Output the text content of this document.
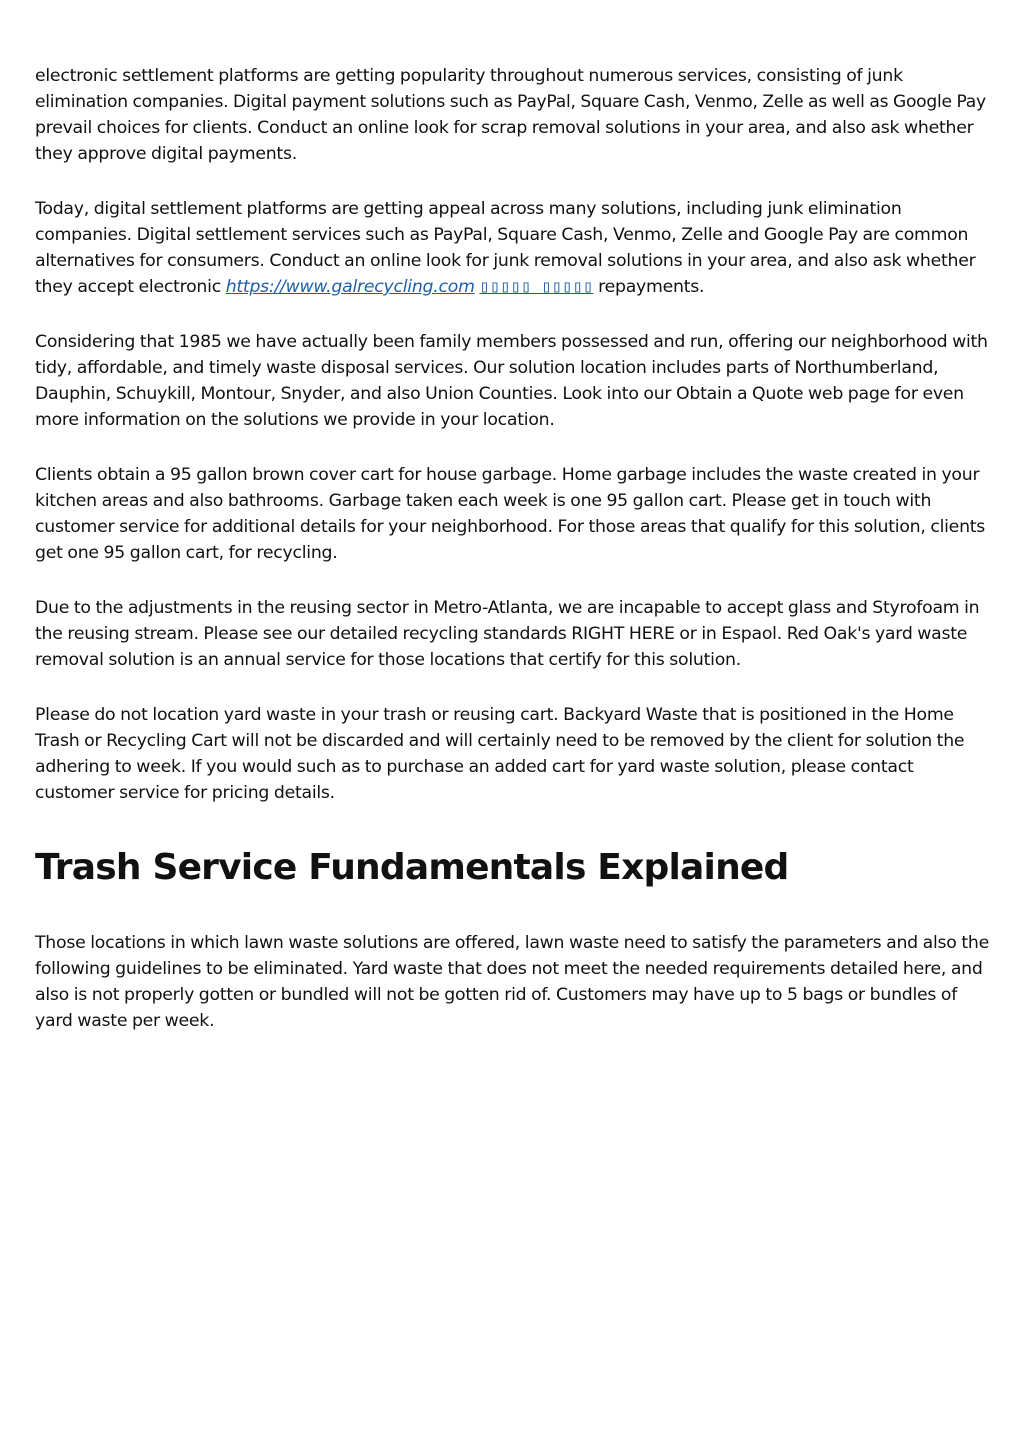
electronic settlement platforms are getting popularity throughout numerous services, consisting of junk
elimination companies. Digital payment solutions such as PayPal, Square Cash, Venmo, Zelle as well as Google Pay
prevail choices for clients. Conduct an online look for scrap removal solutions in your area, and also ask whether
they approve digital payments.

Today, digital settlement platforms are getting appeal across many solutions, including junk elimination
companies. Digital settlement services such as PayPal, Square Cash, Venmo, Zelle and Google Pay are common
alternatives for consumers. Conduct an online look for junk removal solutions in your area, and also ask whether
they accept electronic https://www.galrecycling.com ▯▯▯▯▯ ▯▯▯▯▯ repayments.

Considering that 1985 we have actually been family members possessed and run, offering our neighborhood with
tidy, affordable, and timely waste disposal services. Our solution location includes parts of Northumberland,
Dauphin, Schuykill, Montour, Snyder, and also Union Counties. Look into our Obtain a Quote web page for even
more information on the solutions we provide in your location.

Clients obtain a 95 gallon brown cover cart for house garbage. Home garbage includes the waste created in your
kitchen areas and also bathrooms. Garbage taken each week is one 95 gallon cart. Please get in touch with
customer service for additional details for your neighborhood. For those areas that qualify for this solution, clients
get one 95 gallon cart, for recycling.

Due to the adjustments in the reusing sector in Metro-Atlanta, we are incapable to accept glass and Styrofoam in
the reusing stream. Please see our detailed recycling standards RIGHT HERE or in Espaol. Red Oak's yard waste
removal solution is an annual service for those locations that certify for this solution.

Please do not location yard waste in your trash or reusing cart. Backyard Waste that is positioned in the Home
Trash or Recycling Cart will not be discarded and will certainly need to be removed by the client for solution the
adhering to week. If you would such as to purchase an added cart for yard waste solution, please contact
customer service for pricing details.

Trash Service Fundamentals Explained

Those locations in which lawn waste solutions are offered, lawn waste need to satisfy the parameters and also the
following guidelines to be eliminated. Yard waste that does not meet the needed requirements detailed here, and
also is not properly gotten or bundled will not be gotten rid of. Customers may have up to 5 bags or bundles of
yard waste per week.
